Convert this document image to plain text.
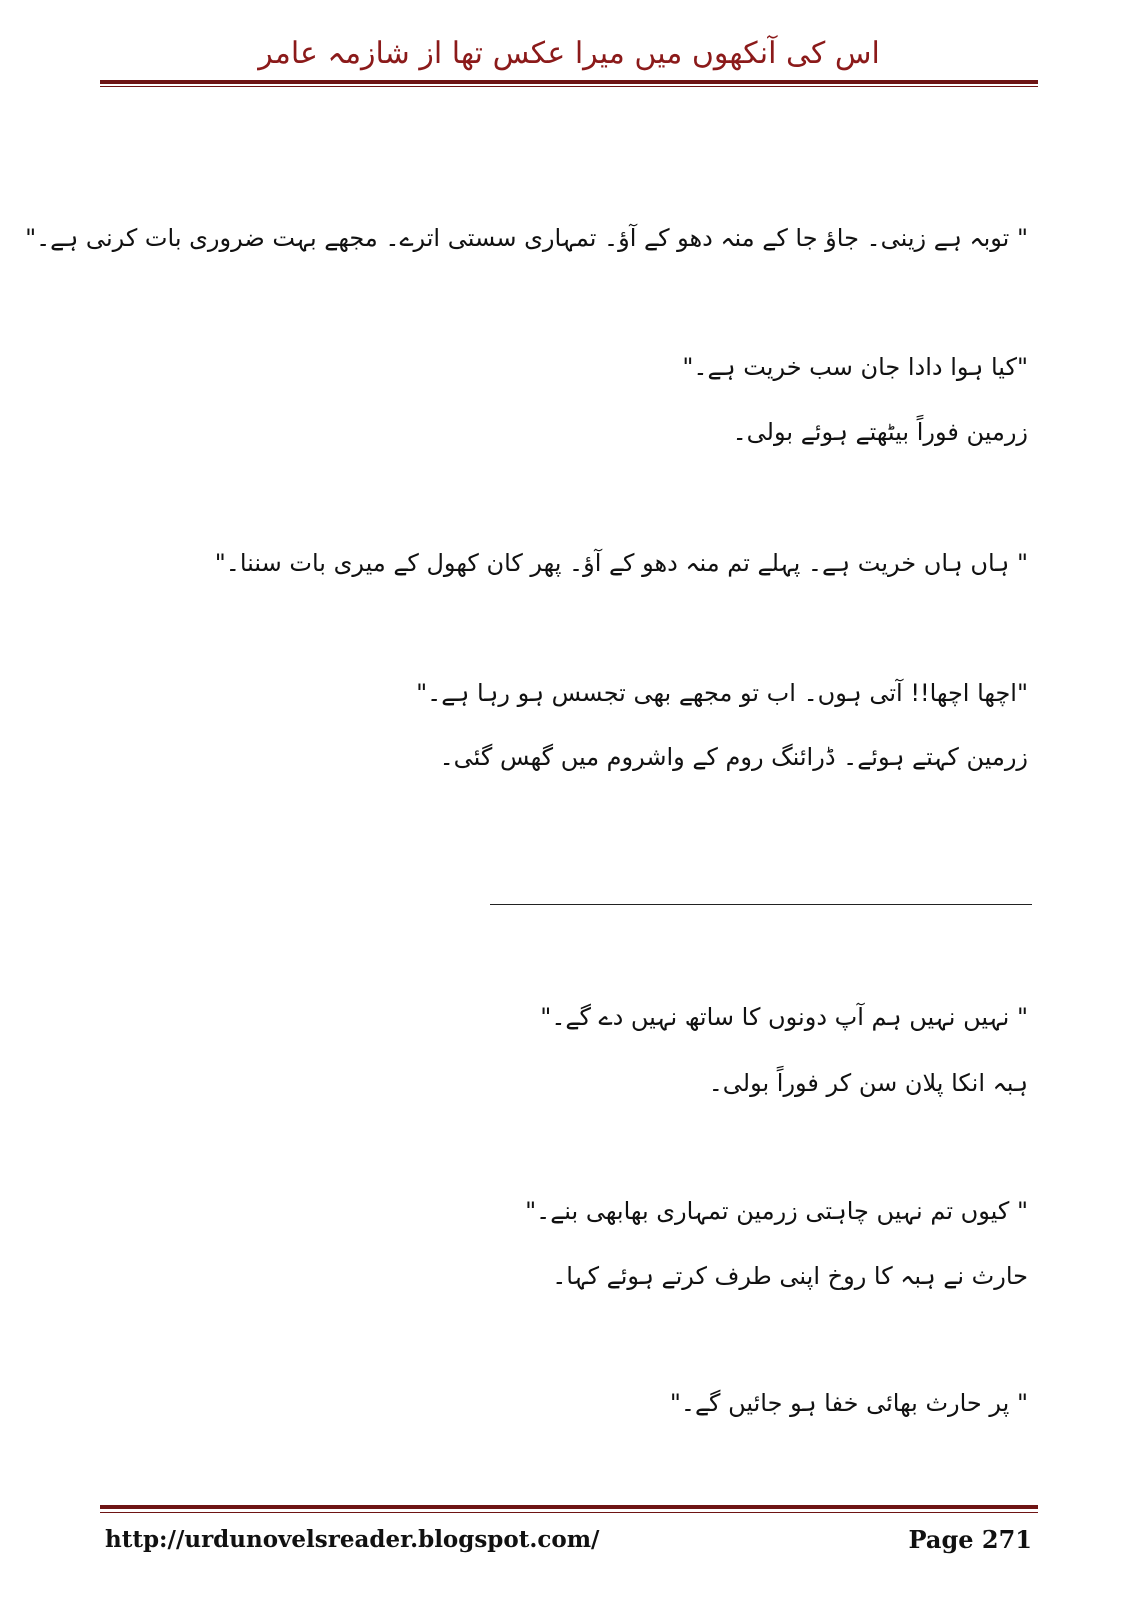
اس کی آنکھوں میں میرا عکس تھا از شازمہ عامر
" توبہ ہے زینی۔ جاؤ جا کے منہ دھو کے آؤ۔ تمہاری سستی اترے۔ مجھے بہت ضروری بات کرنی ہے۔"
"کیا ہوا دادا جان سب خریت ہے۔"
زرمین فوراً بیٹھتے ہوئے بولی۔
" ہاں ہاں خریت ہے۔ پہلے تم منہ دھو کے آؤ۔ پھر کان کھول کے میری بات سننا۔"
"اچھا اچھا!! آتی ہوں۔ اب تو مجھے بھی تجسس ہو رہا ہے۔"
زرمین کہتے ہوئے۔ ڈرائنگ روم کے واشروم میں گھس گئی۔
" نہیں نہیں ہم آپ دونوں کا ساتھ نہیں دے گے۔"
ہبہ انکا پلان سن کر فوراً بولی۔
" کیوں تم نہیں چاہتی زرمین تمہاری بھابھی بنے۔"
حارث نے ہبہ کا روخ اپنی طرف کرتے ہوئے کہا۔
" پر حارث بھائی خفا ہو جائیں گے۔"
http://urdunovelsreader.blogspot.com/	Page 271
